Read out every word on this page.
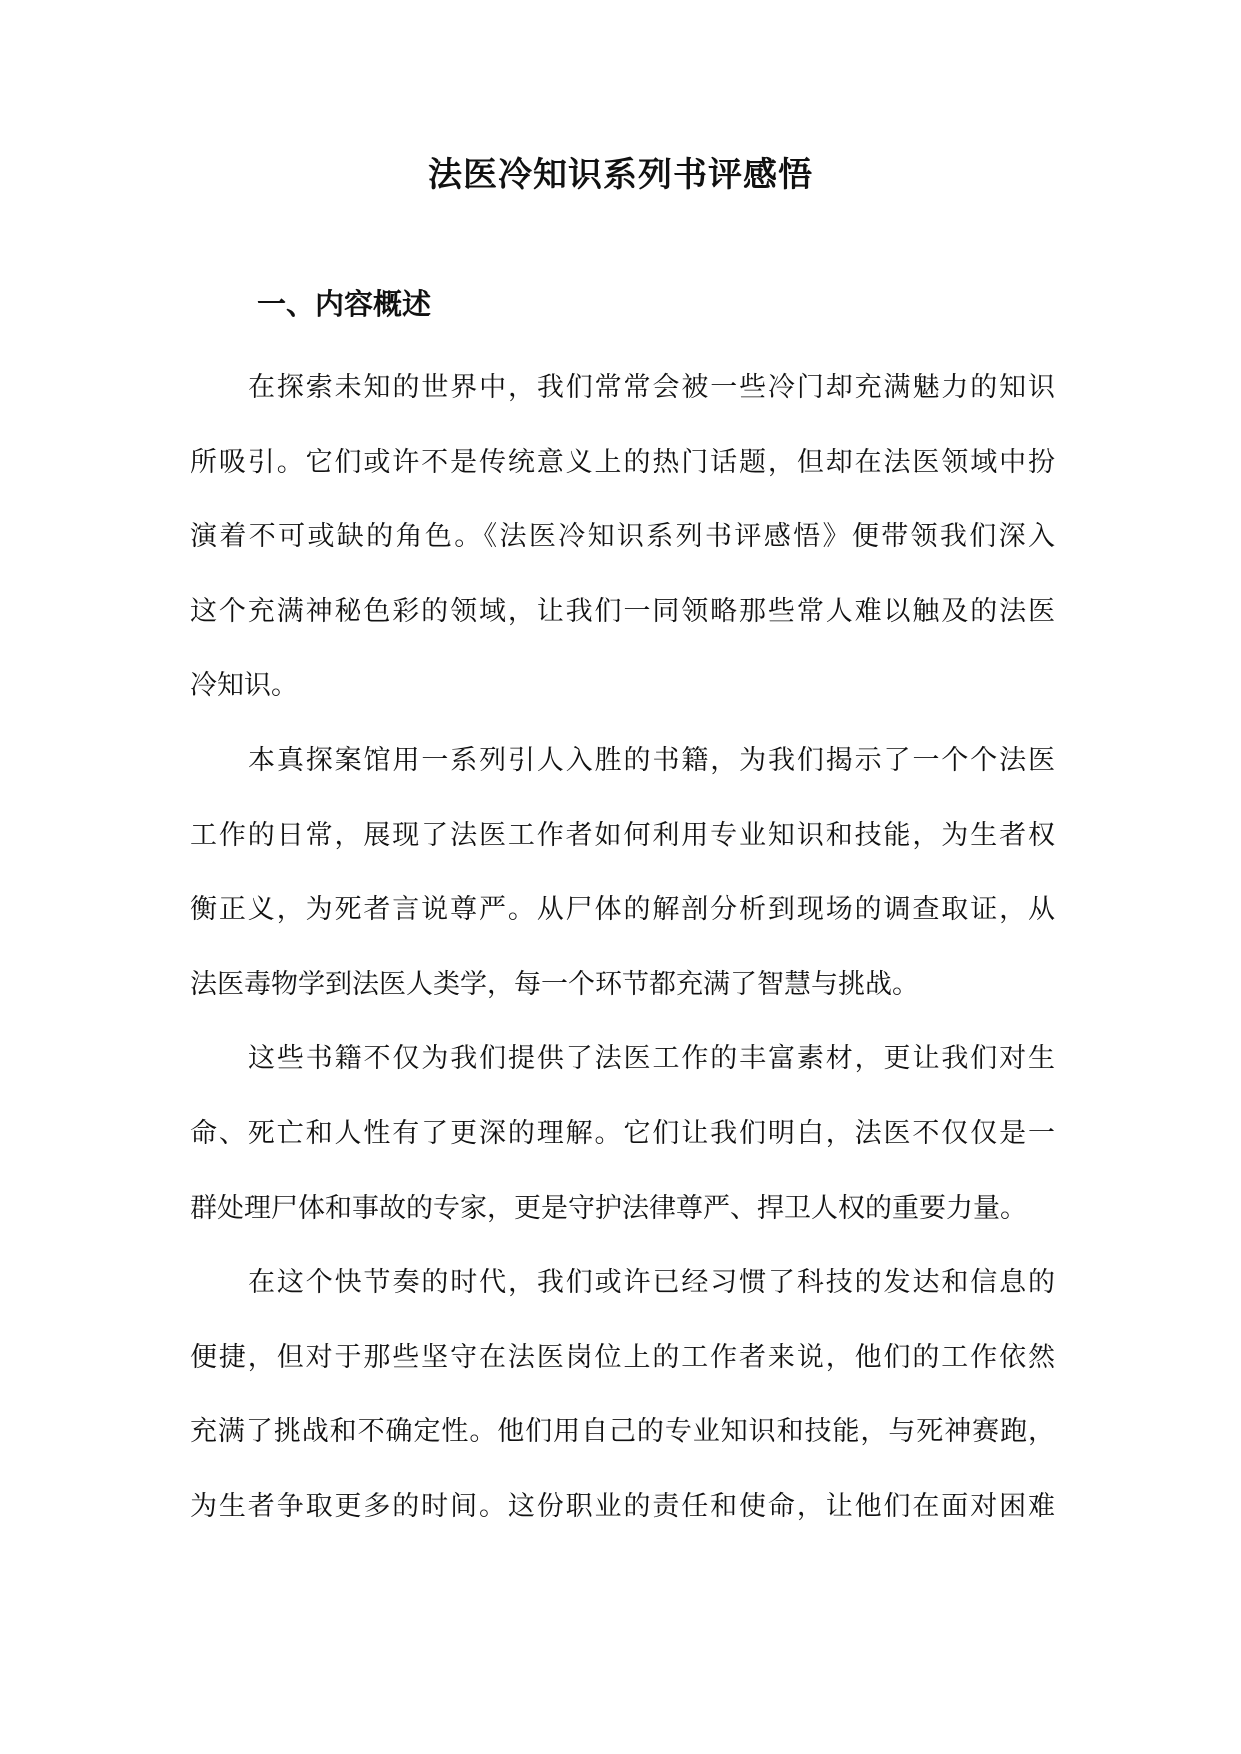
法医冷知识系列书评感悟
一、内容概述
在探索未知的世界中，我们常常会被一些冷门却充满魅力的知识
所吸引。它们或许不是传统意义上的热门话题，但却在法医领域中扮
演着不可或缺的角色。《法医冷知识系列书评感悟》便带领我们深入
这个充满神秘色彩的领域，让我们一同领略那些常人难以触及的法医
冷知识。
本真探案馆用一系列引人入胜的书籍，为我们揭示了一个个法医
工作的日常，展现了法医工作者如何利用专业知识和技能，为生者权
衡正义，为死者言说尊严。从尸体的解剖分析到现场的调查取证，从
法医毒物学到法医人类学，每一个环节都充满了智慧与挑战。
这些书籍不仅为我们提供了法医工作的丰富素材，更让我们对生
命、死亡和人性有了更深的理解。它们让我们明白，法医不仅仅是一
群处理尸体和事故的专家，更是守护法律尊严、捍卫人权的重要力量。
在这个快节奏的时代，我们或许已经习惯了科技的发达和信息的
便捷，但对于那些坚守在法医岗位上的工作者来说，他们的工作依然
充满了挑战和不确定性。他们用自己的专业知识和技能，与死神赛跑，
为生者争取更多的时间。这份职业的责任和使命，让他们在面对困难
